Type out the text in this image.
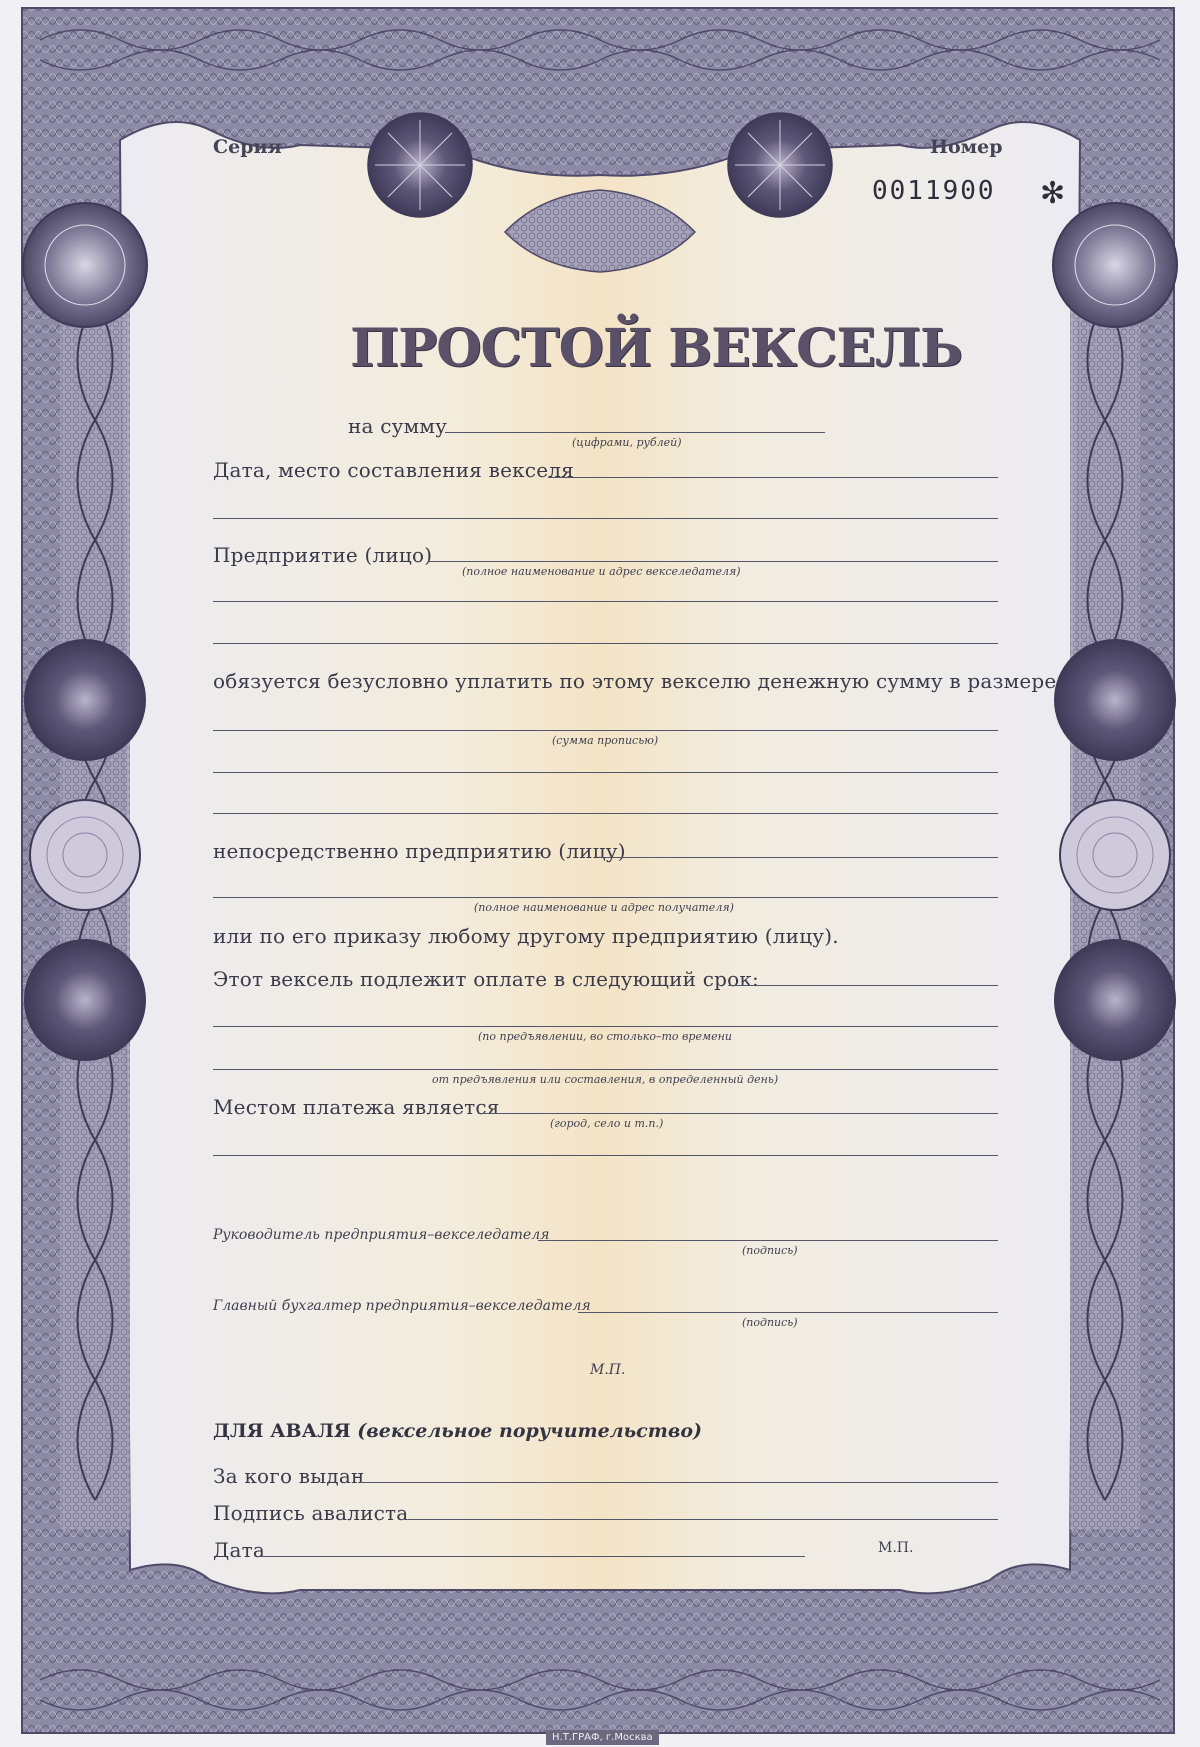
Серия	Номер
0011900 ✻
ПРОСТОЙ ВЕКСЕЛЬ
на сумму
(цифрами, рублей)
Дата, место составления векселя
Предприятие (лицо)
(полное наименование и адрес векселедателя)
обязуется безусловно уплатить по этому векселю денежную сумму в размере
(сумма прописью)
непосредственно предприятию (лицу)
(полное наименование и адрес получателя)
или по его приказу любому другому предприятию (лицу).
Этот вексель подлежит оплате в следующий срок:
(по предъявлении, во столько–то времени
от предъявления или составления, в определенный день)
Местом платежа является
(город, село и т.п.)
Руководитель предприятия–векселедателя
(подпись)
Главный бухгалтер предприятия–векселедателя
(подпись)
М.П.
ДЛЯ АВАЛЯ (вексельное поручительство)
За кого выдан
Подпись авалиста
Дата	М.П.
Н.Т.ГРАФ, г.Москва
